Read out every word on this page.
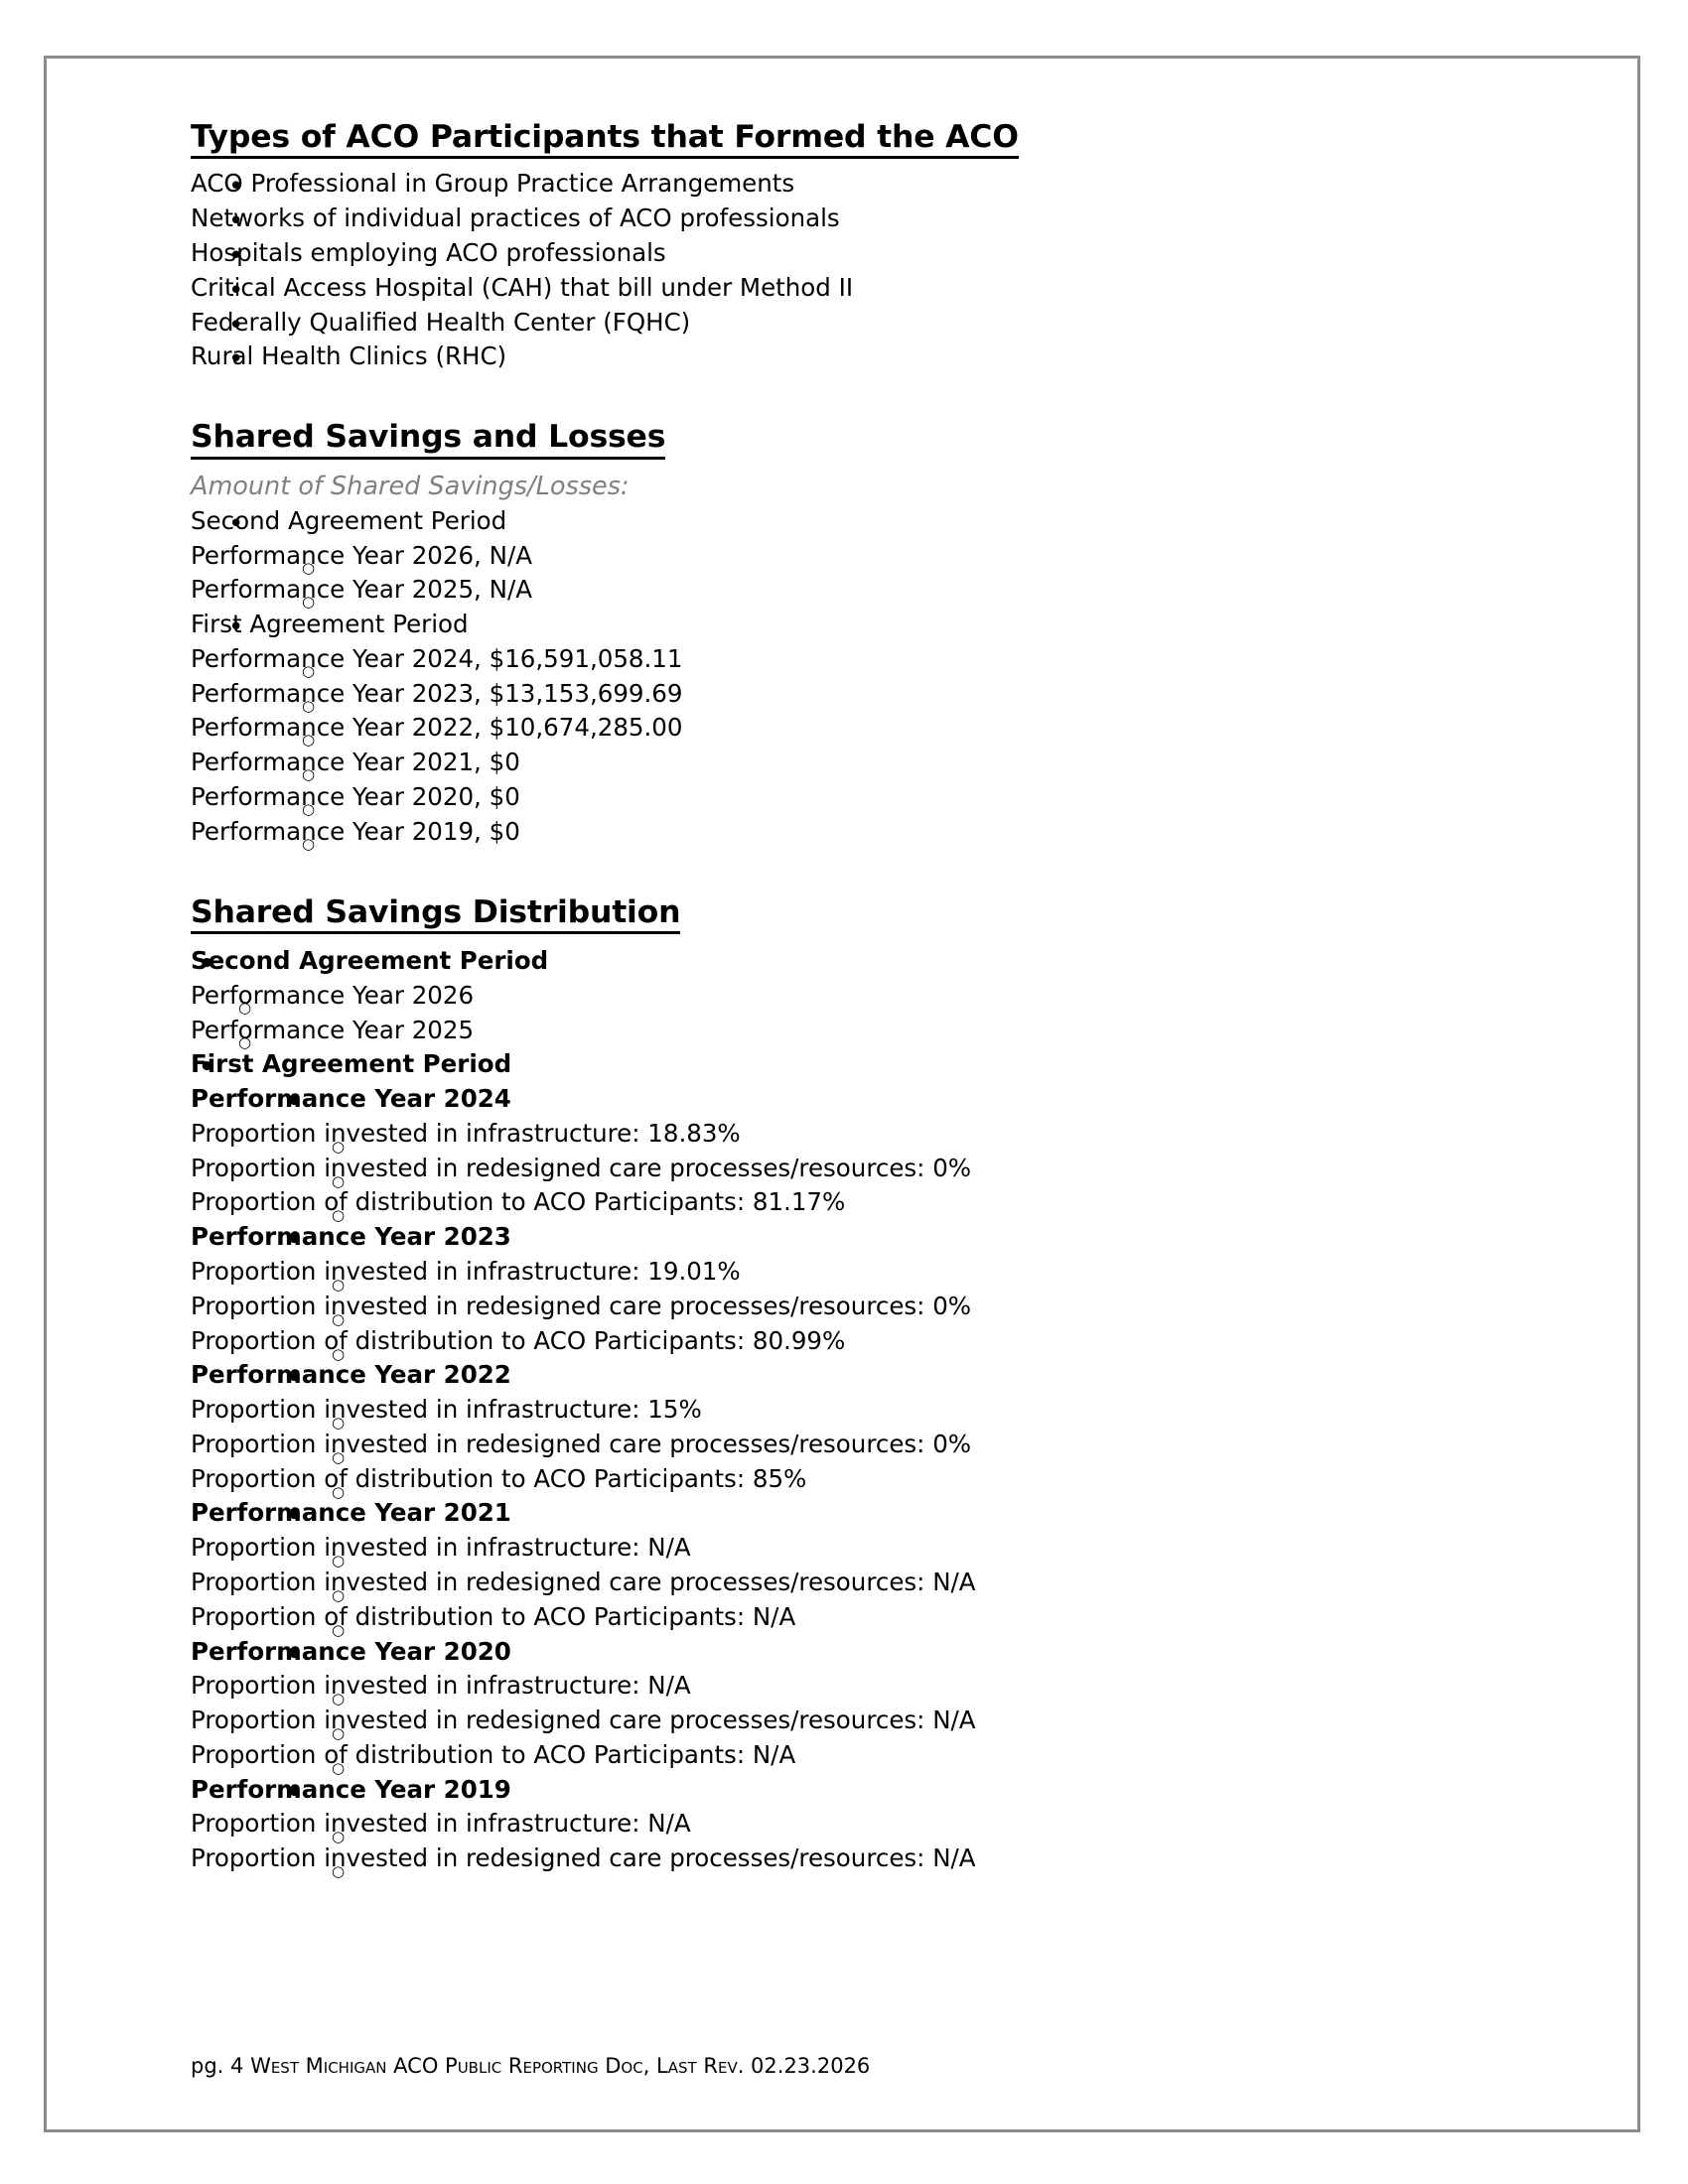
Types of ACO Participants that Formed the ACO
•
ACO Professional in Group Practice Arrangements
•
Networks of individual practices of ACO professionals
•
Hospitals employing ACO professionals
•
Critical Access Hospital (CAH) that bill under Method II
•
Federally Qualified Health Center (FQHC)
•
Rural Health Clinics (RHC)
Shared Savings and Losses

Amount of Shared Savings/Losses:

•
Second Agreement Period
○
Performance Year 2026, N/A
○
Performance Year 2025, N/A
•
First Agreement Period
○
Performance Year 2024, $16,591,058.11
○
Performance Year 2023, $13,153,699.69
○
Performance Year 2022, $10,674,285.00
○
Performance Year 2021, $0
○
Performance Year 2020, $0
○
Performance Year 2019, $0
Shared Savings Distribution
•
Second Agreement Period
○
Performance Year 2026
○
Performance Year 2025
•
First Agreement Period
•
Performance Year 2024
○
Proportion invested in infrastructure: 18.83%
○
Proportion invested in redesigned care processes/resources: 0%
○
Proportion of distribution to ACO Participants: 81.17%
•
Performance Year 2023
○
Proportion invested in infrastructure: 19.01%
○
Proportion invested in redesigned care processes/resources: 0%
○
Proportion of distribution to ACO Participants: 80.99%
•
Performance Year 2022
○
Proportion invested in infrastructure: 15%
○
Proportion invested in redesigned care processes/resources: 0%
○
Proportion of distribution to ACO Participants: 85%
•
Performance Year 2021
○
Proportion invested in infrastructure: N/A
○
Proportion invested in redesigned care processes/resources: N/A
○
Proportion of distribution to ACO Participants: N/A
•
Performance Year 2020
○
Proportion invested in infrastructure: N/A
○
Proportion invested in redesigned care processes/resources: N/A
○
Proportion of distribution to ACO Participants: N/A
•
Performance Year 2019
○
Proportion invested in infrastructure: N/A
○
Proportion invested in redesigned care processes/resources: N/A
pg. 4 West Michigan ACO Public Reporting Doc, Last Rev. 02.23.2026
